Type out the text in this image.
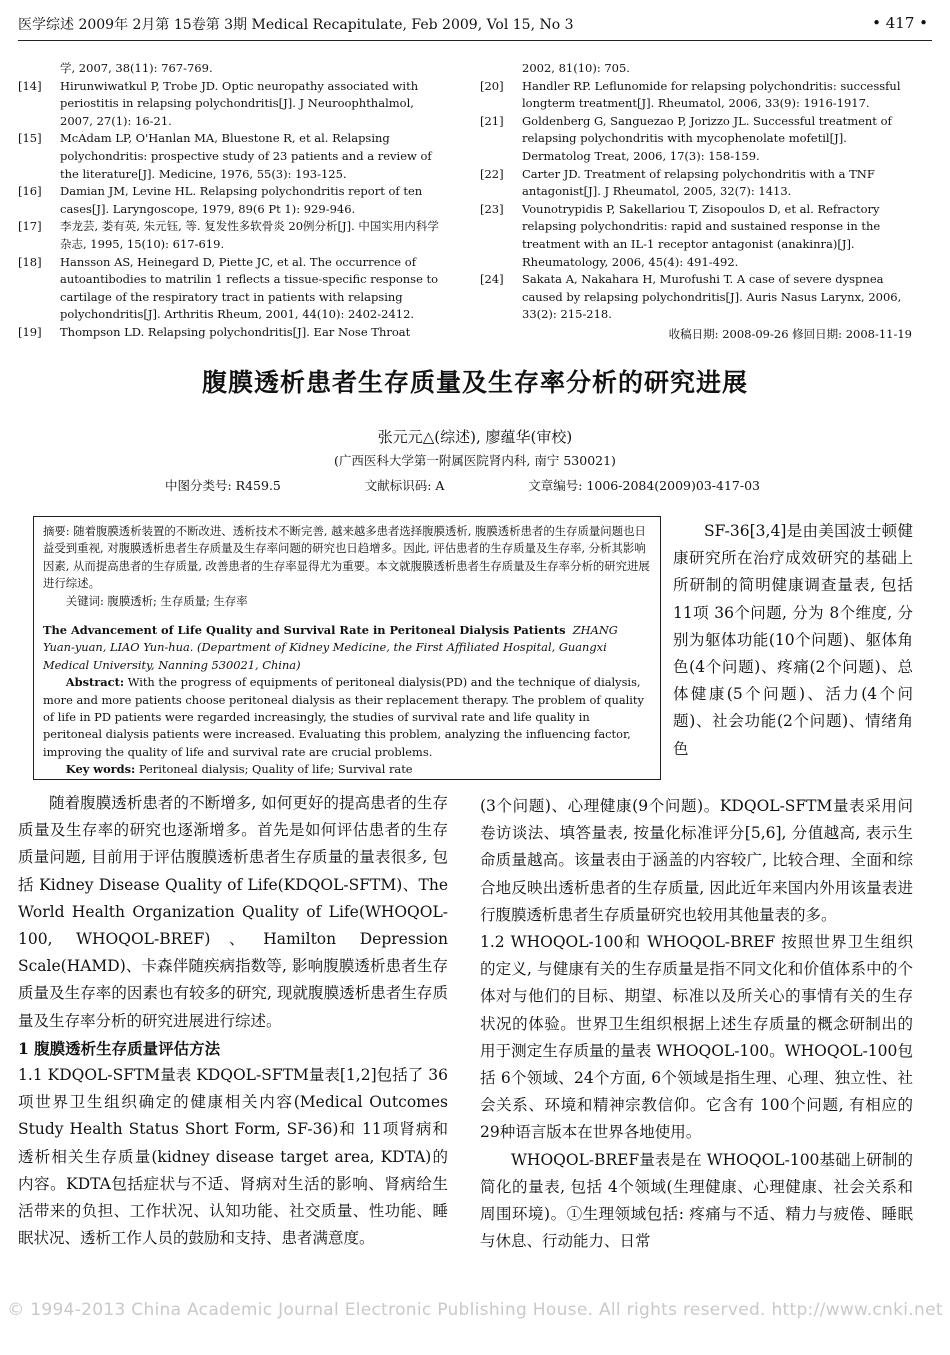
医学综述 2009年 2月第 15卷第 3期 Medical Recapitulate, Feb 2009, Vol 15, No 3	• 417 •
学, 2007, 38(11): 767-769.
[14] Hirunwiwatkul P, Trobe JD. Optic neuropathy associated with periostitis in relapsing polychondritis[J]. J Neuroophthalmol, 2007, 27(1): 16-21.
[15] McAdam LP, O'Hanlan MA, Bluestone R, et al. Relapsing polychondritis: prospective study of 23 patients and a review of the literature[J]. Medicine, 1976, 55(3): 193-125.
[16] Damian JM, Levine HL. Relapsing polychondritis report of ten cases[J]. Laryngoscope, 1979, 89(6 Pt 1): 929-946.
[17] 李龙芸, 娄有英, 朱元钰, 等. 复发性多软骨炎 20例分析[J]. 中国实用内科学杂志, 1995, 15(10): 617-619.
[18] Hansson AS, Heinegard D, Piette JC, et al. The occurrence of autoantibodies to matrilin 1 reflects a tissue-specific response to cartilage of the respiratory tract in patients with relapsing polychondritis[J]. Arthritis Rheum, 2001, 44(10): 2402-2412.
[19] Thompson LD. Relapsing polychondritis[J]. Ear Nose Throat
2002, 81(10): 705.
[20] Handler RP. Leflunomide for relapsing polychondritis: successful longterm treatment[J]. Rheumatol, 2006, 33(9): 1916-1917.
[21] Goldenberg G, Sanguezao P, Jorizzo JL. Successful treatment of relapsing polychondritis with mycophenolate mofetil[J]. Dermatolog Treat, 2006, 17(3): 158-159.
[22] Carter JD. Treatment of relapsing polychondritis with a TNF antagonist[J]. J Rheumatol, 2005, 32(7): 1413.
[23] Vounotrypidis P, Sakellariou T, Zisopoulos D, et al. Refractory relapsing polychondritis: rapid and sustained response in the treatment with an IL-1 receptor antagonist (anakinra)[J]. Rheumatology, 2006, 45(4): 491-492.
[24] Sakata A, Nakahara H, Murofushi T. A case of severe dyspnea caused by relapsing polychondritis[J]. Auris Nasus Larynx, 2006, 33(2): 215-218.
收稿日期: 2008-09-26 修回日期: 2008-11-19
腹膜透析患者生存质量及生存率分析的研究进展
张元元△(综述), 廖蕴华(审校)
(广西医科大学第一附属医院肾内科, 南宁 530021)
中图分类号: R459.5	文献标识码: A	文章编号: 1006-2084(2009)03-417-03

摘要: 随着腹膜透析装置的不断改进、透析技术不断完善, 越来越多患者选择腹膜透析, 腹膜透析患者的生存质量问题也日益受到重视, 对腹膜透析患者生存质量及生存率问题的研究也日趋增多。因此, 评估患者的生存质量及生存率, 分析其影响因素, 从而提高患者的生存质量, 改善患者的生存率显得尤为重要。本文就腹膜透析患者生存质量及生存率分析的研究进展进行综述。

关键词: 腹膜透析; 生存质量; 生存率

The Advancement of Life Quality and Survival Rate in Peritoneal Dialysis Patients ZHANG Yuan-yuan, LIAO Yun-hua. (Department of Kidney Medicine, the First Affiliated Hospital, Guangxi Medical University, Nanning 530021, China)

Abstract: With the progress of equipments of peritoneal dialysis(PD) and the technique of dialysis, more and more patients choose peritoneal dialysis as their replacement therapy. The problem of quality of life in PD patients were regarded increasingly, the studies of survival rate and life quality in peritoneal dialysis patients were increased. Evaluating this problem, analyzing the influencing factor, improving the quality of life and survival rate are crucial problems.

Key words: Peritoneal dialysis; Quality of life; Survival rate

SF-36[3,4]是由美国波士顿健康研究所在治疗成效研究的基础上所研制的简明健康调查量表, 包括 11项 36个问题, 分为 8个维度, 分别为躯体功能(10个问题)、躯体角色(4个问题)、疼痛(2个问题)、总体健康(5个问题)、活力(4个问题)、社会功能(2个问题)、情绪角色

随着腹膜透析患者的不断增多, 如何更好的提高患者的生存质量及生存率的研究也逐渐增多。首先是如何评估患者的生存质量问题, 目前用于评估腹膜透析患者生存质量的量表很多, 包括 Kidney Disease Quality of Life(KDQOL-SFTM)、The World Health Organization Quality of Life(WHOQOL-100, WHOQOL-BREF)、Hamilton Depression Scale(HAMD)、卡森伴随疾病指数等, 影响腹膜透析患者生存质量及生存率的因素也有较多的研究, 现就腹膜透析患者生存质量及生存率分析的研究进展进行综述。

1 腹膜透析生存质量评估方法

1.1 KDQOL-SFTM量表 KDQOL-SFTM量表[1,2]包括了 36项世界卫生组织确定的健康相关内容(Medical Outcomes Study Health Status Short Form, SF-36)和 11项肾病和透析相关生存质量(kidney disease target area, KDTA)的内容。KDTA包括症状与不适、肾病对生活的影响、肾病给生活带来的负担、工作状况、认知功能、社交质量、性功能、睡眠状况、透析工作人员的鼓励和支持、患者满意度。

(3个问题)、心理健康(9个问题)。KDQOL-SFTM量表采用问卷访谈法、填答量表, 按量化标准评分[5,6], 分值越高, 表示生命质量越高。该量表由于涵盖的内容较广, 比较合理、全面和综合地反映出透析患者的生存质量, 因此近年来国内外用该量表进行腹膜透析患者生存质量研究也较用其他量表的多。

1.2 WHOQOL-100和 WHOQOL-BREF 按照世界卫生组织的定义, 与健康有关的生存质量是指不同文化和价值体系中的个体对与他们的目标、期望、标准以及所关心的事情有关的生存状况的体验。世界卫生组织根据上述生存质量的概念研制出的用于测定生存质量的量表 WHOQOL-100。WHOQOL-100包括 6个领域、24个方面, 6个领域是指生理、心理、独立性、社会关系、环境和精神宗教信仰。它含有 100个问题, 有相应的 29种语言版本在世界各地使用。

WHOQOL-BREF量表是在 WHOQOL-100基础上研制的简化的量表, 包括 4个领域(生理健康、心理健康、社会关系和周围环境)。①生理领域包括: 疼痛与不适、精力与疲倦、睡眠与休息、行动能力、日常

© 1994-2013 China Academic Journal Electronic Publishing House. All rights reserved. http://www.cnki.net
